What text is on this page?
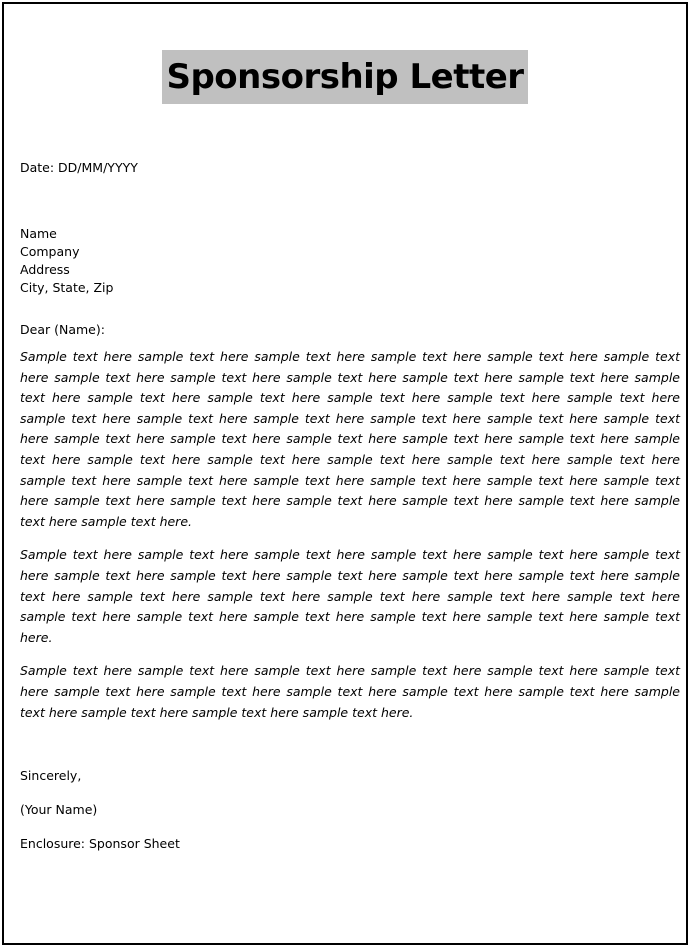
Sponsorship Letter
Date: DD/MM/YYYY
Name
Company
Address
City, State, Zip
Dear (Name):

Sample text here sample text here sample text here sample text here sample text here sample text here sample text here sample text here sample text here sample text here sample text here sample text here sample text here sample text here sample text here sample text here sample text here sample text here sample text here sample text here sample text here sample text here sample text here sample text here sample text here sample text here sample text here sample text here sample text here sample text here sample text here sample text here sample text here sample text here sample text here sample text here sample text here sample text here sample text here sample text here sample text here sample text here sample text here sample text here sample text here sample text here sample text here.

Sample text here sample text here sample text here sample text here sample text here sample text here sample text here sample text here sample text here sample text here sample text here sample text here sample text here sample text here sample text here sample text here sample text here sample text here sample text here sample text here sample text here sample text here sample text here.

Sample text here sample text here sample text here sample text here sample text here sample text here sample text here sample text here sample text here sample text here sample text here sample text here sample text here sample text here sample text here.

Sincerely,
(Your Name)
Enclosure: Sponsor Sheet
